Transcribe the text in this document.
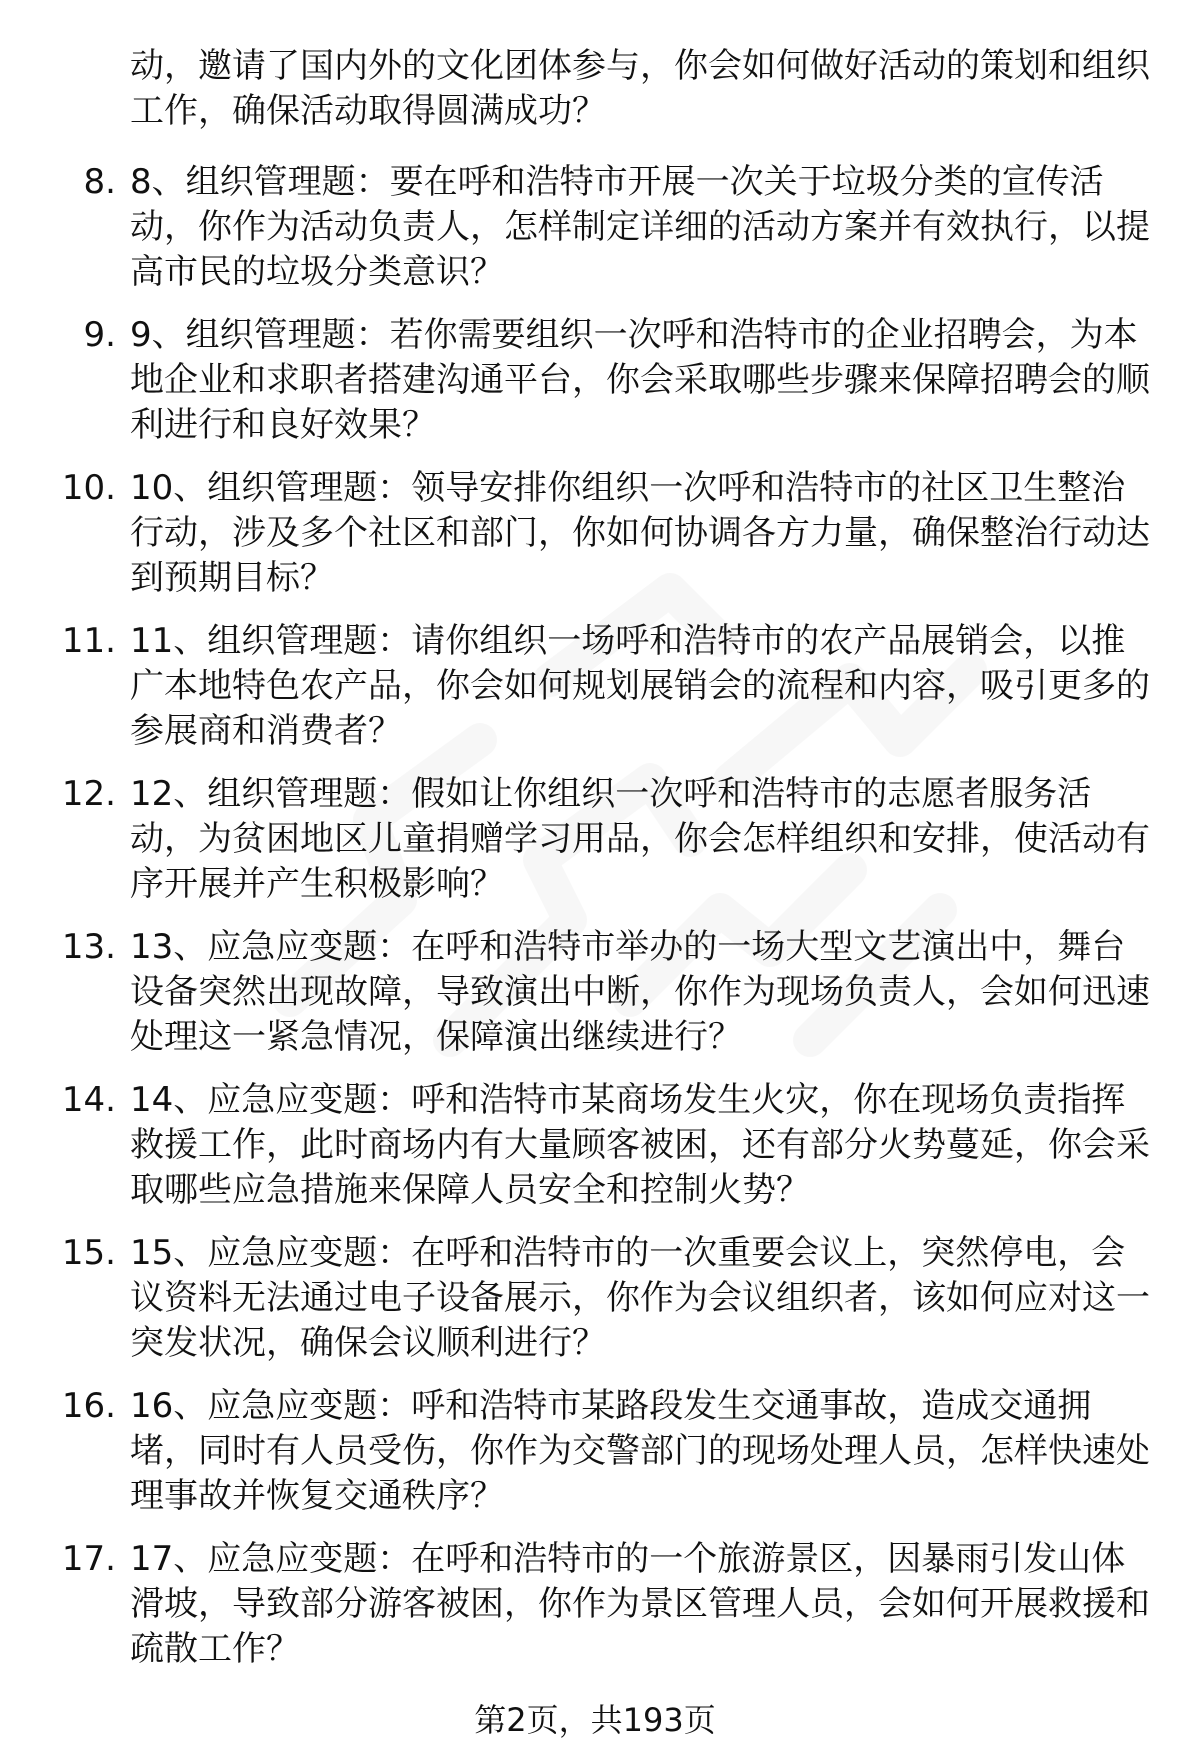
动，邀请了国内外的文化团体参与，你会如何做好活动的策划和组织工作，确保活动取得圆满成功？

8. 8、组织管理题：要在呼和浩特市开展一次关于垃圾分类的宣传活动，你作为活动负责人，怎样制定详细的活动方案并有效执行，以提高市民的垃圾分类意识？
9. 9、组织管理题：若你需要组织一次呼和浩特市的企业招聘会，为本地企业和求职者搭建沟通平台，你会采取哪些步骤来保障招聘会的顺利进行和良好效果？
10. 10、组织管理题：领导安排你组织一次呼和浩特市的社区卫生整治行动，涉及多个社区和部门，你如何协调各方力量，确保整治行动达到预期目标？
11. 11、组织管理题：请你组织一场呼和浩特市的农产品展销会，以推广本地特色农产品，你会如何规划展销会的流程和内容，吸引更多的参展商和消费者？
12. 12、组织管理题：假如让你组织一次呼和浩特市的志愿者服务活动，为贫困地区儿童捐赠学习用品，你会怎样组织和安排，使活动有序开展并产生积极影响？
13. 13、应急应变题：在呼和浩特市举办的一场大型文艺演出中，舞台设备突然出现故障，导致演出中断，你作为现场负责人，会如何迅速处理这一紧急情况，保障演出继续进行？
14. 14、应急应变题：呼和浩特市某商场发生火灾，你在现场负责指挥救援工作，此时商场内有大量顾客被困，还有部分火势蔓延，你会采取哪些应急措施来保障人员安全和控制火势？
15. 15、应急应变题：在呼和浩特市的一次重要会议上，突然停电，会议资料无法通过电子设备展示，你作为会议组织者，该如何应对这一突发状况，确保会议顺利进行？
16. 16、应急应变题：呼和浩特市某路段发生交通事故，造成交通拥堵，同时有人员受伤，你作为交警部门的现场处理人员，怎样快速处理事故并恢复交通秩序？
17. 17、应急应变题：在呼和浩特市的一个旅游景区，因暴雨引发山体滑坡，导致部分游客被困，你作为景区管理人员，会如何开展救援和疏散工作？
第2页，共193页
